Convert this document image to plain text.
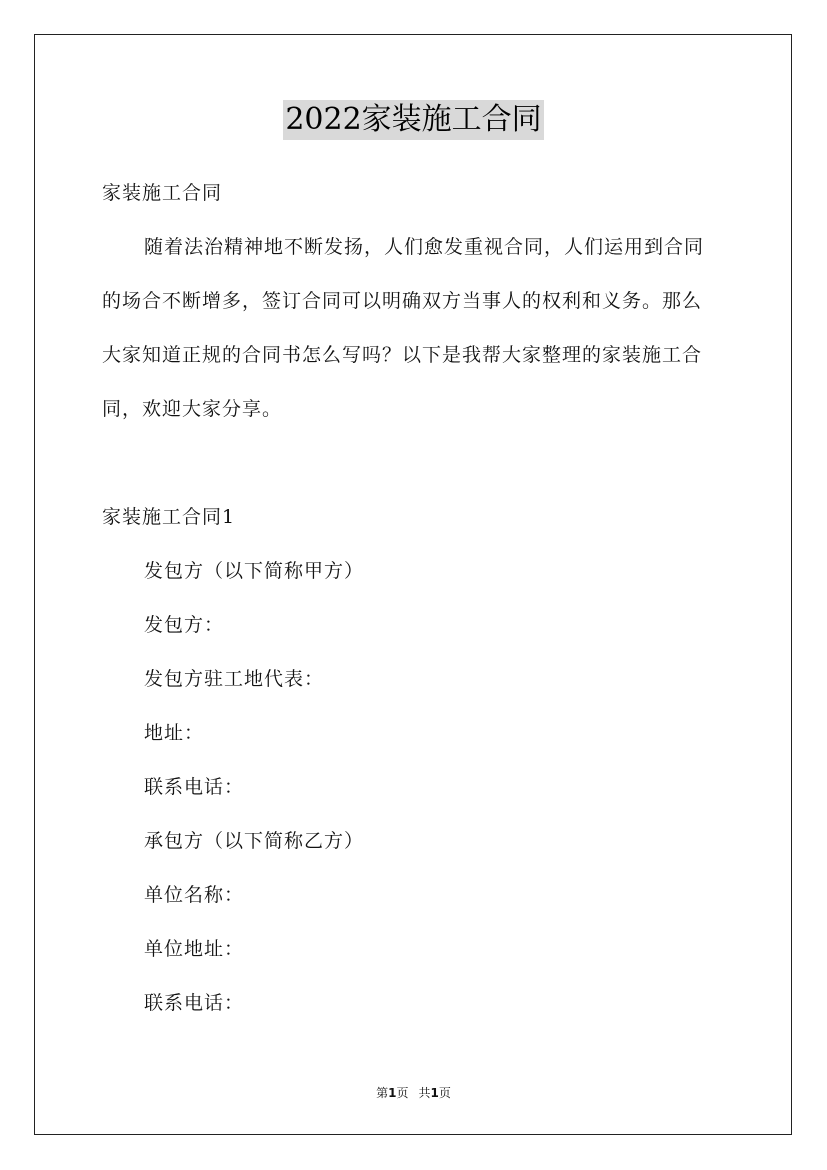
2022家装施工合同
家装施工合同
随着法治精神地不断发扬，人们愈发重视合同，人们运用到合同
的场合不断增多，签订合同可以明确双方当事人的权利和义务。那么
大家知道正规的合同书怎么写吗？以下是我帮大家整理的家装施工合
同，欢迎大家分享。
家装施工合同1
发包方（以下简称甲方）
发包方：
发包方驻工地代表：
地址：
联系电话：
承包方（以下简称乙方）
单位名称：
单位地址：
联系电话：
第1页 共1页
